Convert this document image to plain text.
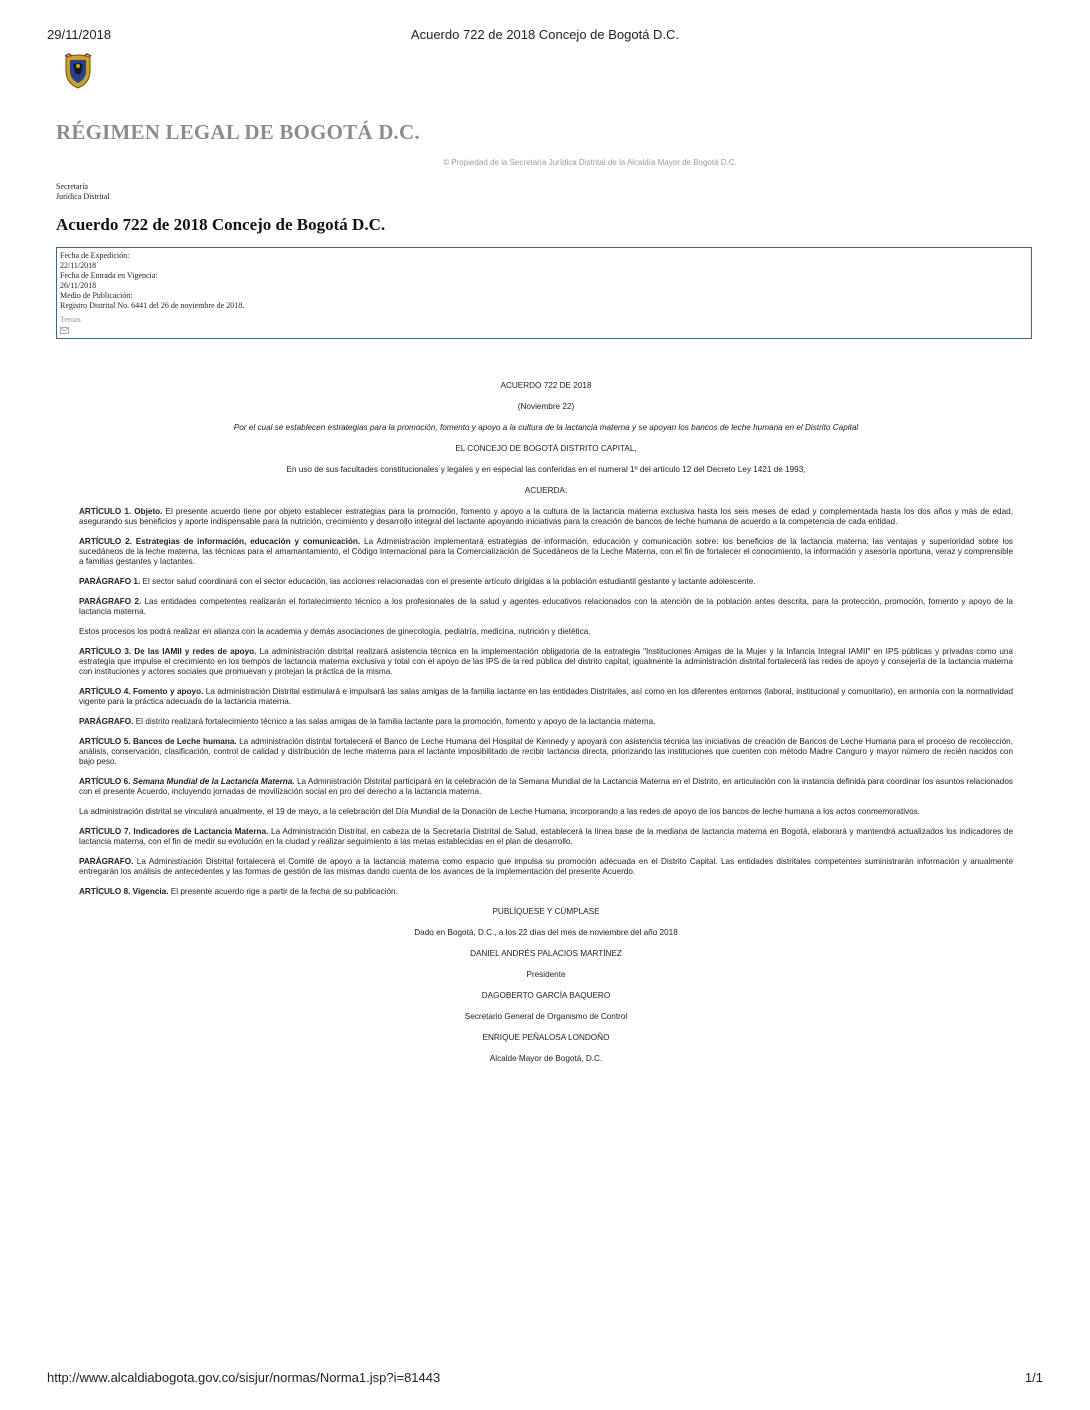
29/11/2018	Acuerdo 722 de 2018 Concejo de Bogotá D.C.
RÉGIMEN LEGAL DE BOGOTÁ D.C.
© Propiedad de la Secretaría Jurídica Distrital de la Alcaldía Mayor de Bogotá D.C.
Secretaría
Jurídica Distrital
Acuerdo 722 de 2018 Concejo de Bogotá D.C.
Fecha de Expedición:
22/11/2018
Fecha de Entrada en Vigencia:
26/11/2018
Medio de Publicación:
Registro Distrital No. 6441 del 26 de noviembre de 2018.
Temas
ACUERDO 722 DE 2018
(Noviembre 22)
Por el cual se establecen estrategias para la promoción, fomento y apoyo a la cultura de la lactancia materna y se apoyan los bancos de leche humana en el Distrito Capital
EL CONCEJO DE BOGOTÁ DISTRITO CAPITAL,
En uso de sus facultades constitucionales y legales y en especial las conferidas en el numeral 1º del artículo 12 del Decreto Ley 1421 de 1993,
ACUERDA:
ARTÍCULO 1. Objeto. El presente acuerdo tiene por objeto establecer estrategias para la promoción, fomento y apoyo a la cultura de la lactancia materna exclusiva hasta los seis meses de edad y complementada hasta los dos años y más de edad, asegurando sus beneficios y aporte indispensable para la nutrición, crecimiento y desarrollo integral del lactante apoyando iniciativas para la creación de bancos de leche humana de acuerdo a la competencia de cada entidad.
ARTÍCULO 2. Estrategias de información, educación y comunicación. La Administración implementará estrategias de información, educación y comunicación sobre: los beneficios de la lactancia materna; las ventajas y superioridad sobre los sucedáneos de la leche materna, las técnicas para el amamantamiento, el Código Internacional para la Comercialización de Sucedáneos de la Leche Materna, con el fin de fortalecer el conocimiento, la información y asesoría oportuna, veraz y comprensible a familias gestantes y lactantes.
PARÁGRAFO 1. El sector salud coordinará con el sector educación, las acciones relacionadas con el presente artículo dirigidas a la población estudiantil gestante y lactante adolescente.
PARÁGRAFO 2. Las entidades competentes realizarán el fortalecimiento técnico a los profesionales de la salud y agentes educativos relacionados con la atención de la población antes descrita, para la protección, promoción, fomento y apoyo de la lactancia materna.
Estos procesos los podrá realizar en alianza con la academia y demás asociaciones de ginecología, pediatría, medicina, nutrición y dietética.
ARTÍCULO 3. De las IAMII y redes de apoyo. La administración distrital realizará asistencia técnica en la implementación obligatoria de la estrategia "Instituciones Amigas de la Mujer y la Infancia Integral IAMII" en IPS públicas y privadas como una estrategia que impulse el crecimiento en los tiempos de lactancia materna exclusiva y total con el apoyo de las IPS de la red pública del distrito capital, igualmente la administración distrital fortalecerá las redes de apoyo y consejería de la lactancia materna con instituciones y actores sociales que promuevan y protejan la práctica de la misma.
ARTÍCULO 4. Fomento y apoyo. La administración Distrital estimulará e impulsará las salas amigas de la familia lactante en las entidades Distritales, así como en los diferentes entornos (laboral, institucional y comunitario), en armonía con la normatividad vigente para la práctica adecuada de la lactancia materna.
PARÁGRAFO. El distrito realizará fortalecimiento técnico a las salas amigas de la familia lactante para la promoción, fomento y apoyo de la lactancia materna.
ARTÍCULO 5. Bancos de Leche humana. La administración distrital fortalecerá el Banco de Leche Humana del Hospital de Kennedy y apoyará con asistencia técnica las iniciativas de creación de Bancos de Leche Humana para el proceso de recolección, análisis, conservación, clasificación, control de calidad y distribución de leche materna para el lactante imposibilitado de recibir lactancia directa, priorizando las instituciones que cuenten con método Madre Canguro y mayor número de recién nacidos con bajo peso.
ARTÍCULO 6. Semana Mundial de la Lactancia Materna. La Administración Distrital participará en la celebración de la Semana Mundial de la Lactancia Materna en el Distrito, en articulación con la instancia definida para coordinar los asuntos relacionados con el presente Acuerdo, incluyendo jornadas de movilización social en pro del derecho a la lactancia materna.
La administración distrital se vinculará anualmente, el 19 de mayo, a la celebración del Día Mundial de la Donación de Leche Humana, incorporando a las redes de apoyo de los bancos de leche humana a los actos conmemorativos.
ARTÍCULO 7. Indicadores de Lactancia Materna. La Administración Distrital, en cabeza de la Secretaría Distrital de Salud, establecerá la línea base de la mediana de lactancia materna en Bogotá, elaborará y mantendrá actualizados los indicadores de lactancia materna, con el fin de medir su evolución en la ciudad y realizar seguimiento a las metas establecidas en el plan de desarrollo.
PARÁGRAFO. La Administración Distrital fortalecerá el Comité de apoyo a la lactancia materna como espacio que impulsa su promoción adecuada en el Distrito Capital. Las entidades distritales competentes suministrarán información y anualmente entregarán los análisis de antecedentes y las formas de gestión de las mismas dando cuenta de los avances de la implementación del presente Acuerdo.
ARTÍCULO 8. Vigencia. El presente acuerdo rige a partir de la fecha de su publicación.
PUBLÍQUESE Y CÚMPLASE
Dado en Bogotá, D.C., a los 22 días del mes de noviembre del año 2018
DANIEL ANDRÉS PALACIOS MARTÍNEZ
Presidente
DAGOBERTO GARCÍA BAQUERO
Secretario General de Organismo de Control
ENRIQUE PEÑALOSA LONDOÑO
Alcalde Mayor de Bogotá, D.C.
http://www.alcaldiabogota.gov.co/sisjur/normas/Norma1.jsp?i=81443	1/1
